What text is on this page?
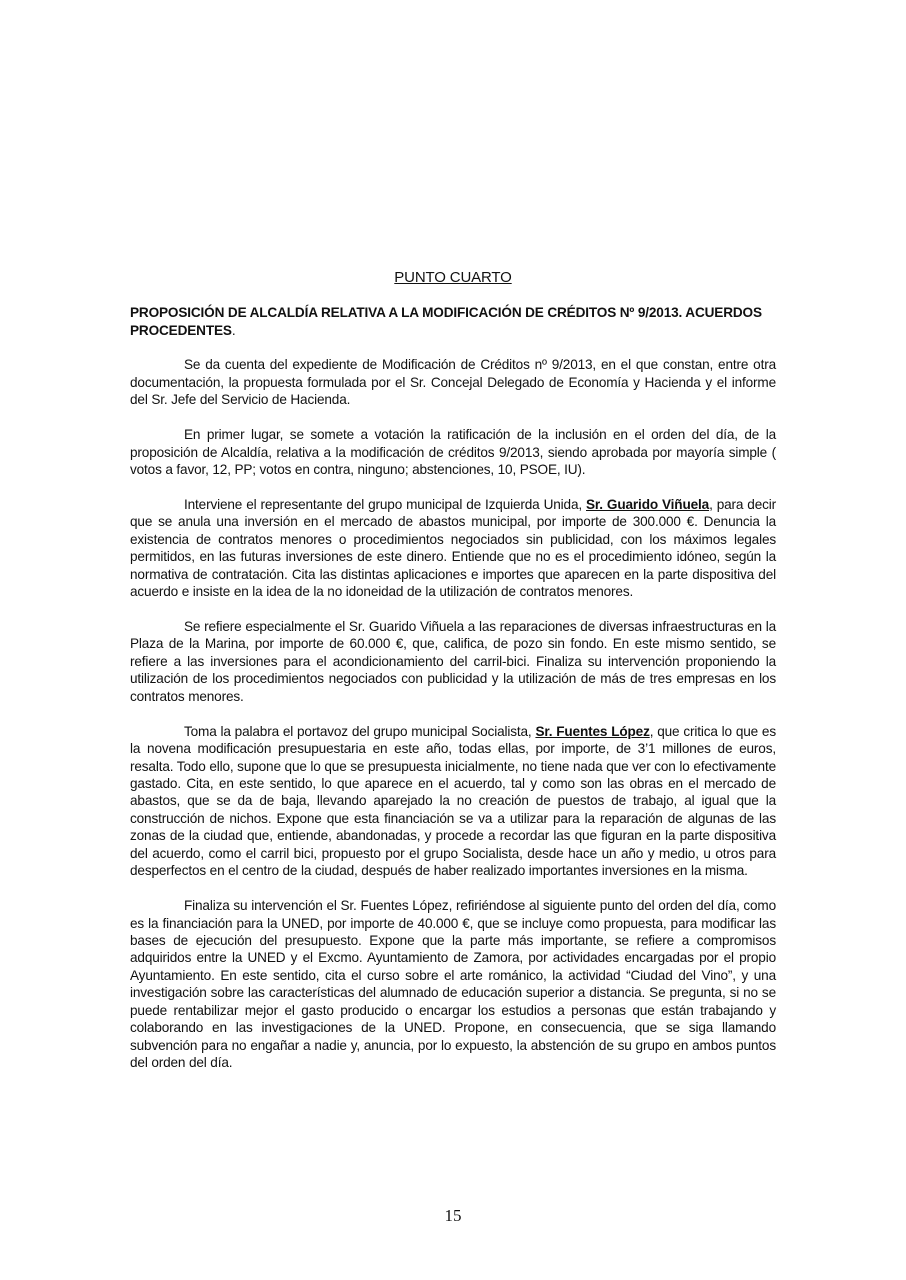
PUNTO CUARTO
PROPOSICIÓN DE ALCALDÍA RELATIVA A LA MODIFICACIÓN DE CRÉDITOS Nº 9/2013. ACUERDOS PROCEDENTES.

Se da cuenta del expediente de Modificación de Créditos nº 9/2013, en el que constan, entre otra documentación, la propuesta formulada por el Sr. Concejal Delegado de Economía y Hacienda y el informe del Sr. Jefe del Servicio de Hacienda.

En primer lugar, se somete a votación la ratificación de la inclusión en el orden del día, de la proposición de Alcaldía, relativa a la modificación de créditos 9/2013, siendo aprobada por mayoría simple ( votos a favor, 12, PP; votos en contra, ninguno; abstenciones, 10, PSOE, IU).

Interviene el representante del grupo municipal de Izquierda Unida, Sr. Guarido Viñuela, para decir que se anula una inversión en el mercado de abastos municipal, por importe de 300.000 €. Denuncia la existencia de contratos menores o procedimientos negociados sin publicidad, con los máximos legales permitidos, en las futuras inversiones de este dinero. Entiende que no es el procedimiento idóneo, según la normativa de contratación. Cita las distintas aplicaciones e importes que aparecen en la parte dispositiva del acuerdo e insiste en la idea de la no idoneidad de la utilización de contratos menores.

Se refiere especialmente el Sr. Guarido Viñuela a las reparaciones de diversas infraestructuras en la Plaza de la Marina, por importe de 60.000 €, que, califica, de pozo sin fondo. En este mismo sentido, se refiere a las inversiones para el acondicionamiento del carril-bici. Finaliza su intervención proponiendo la utilización de los procedimientos negociados con publicidad y la utilización de más de tres empresas en los contratos menores.

Toma la palabra el portavoz del grupo municipal Socialista, Sr. Fuentes López, que critica lo que es la novena modificación presupuestaria en este año, todas ellas, por importe, de 3’1 millones de euros, resalta. Todo ello, supone que lo que se presupuesta inicialmente, no tiene nada que ver con lo efectivamente gastado. Cita, en este sentido, lo que aparece en el acuerdo, tal y como son las obras en el mercado de abastos, que se da de baja, llevando aparejado la no creación de puestos de trabajo, al igual que la construcción de nichos. Expone que esta financiación se va a utilizar para la reparación de algunas de las zonas de la ciudad que, entiende, abandonadas, y procede a recordar las que figuran en la parte dispositiva del acuerdo, como el carril bici, propuesto por el grupo Socialista, desde hace un año y medio, u otros para desperfectos en el centro de la ciudad, después de haber realizado importantes inversiones en la misma.

Finaliza su intervención el Sr. Fuentes López, refiriéndose al siguiente punto del orden del día, como es la financiación para la UNED, por importe de 40.000 €, que se incluye como propuesta, para modificar las bases de ejecución del presupuesto. Expone que la parte más importante, se refiere a compromisos adquiridos entre la UNED y el Excmo. Ayuntamiento de Zamora, por actividades encargadas por el propio Ayuntamiento. En este sentido, cita el curso sobre el arte románico, la actividad “Ciudad del Vino”, y una investigación sobre las características del alumnado de educación superior a distancia. Se pregunta, si no se puede rentabilizar mejor el gasto producido o encargar los estudios a personas que están trabajando y colaborando en las investigaciones de la UNED. Propone, en consecuencia, que se siga llamando subvención para no engañar a nadie y, anuncia, por lo expuesto, la abstención de su grupo en ambos puntos del orden del día.

15
